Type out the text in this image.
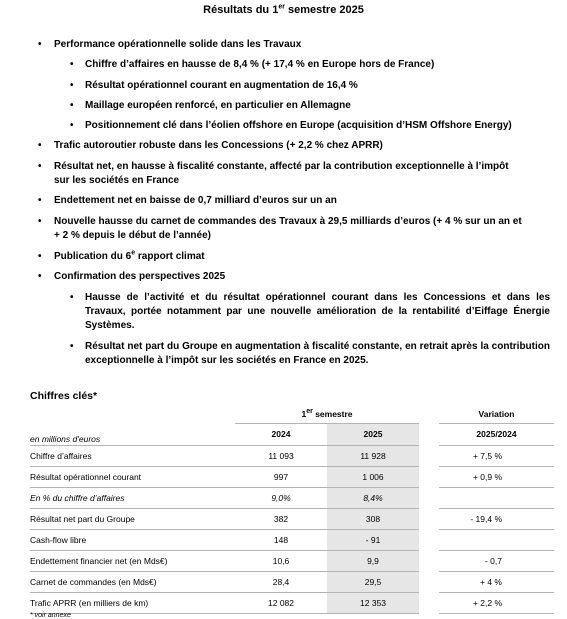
Résultats du 1er semestre 2025
• Performance opérationnelle solide dans les Travaux
• Chiffre d’affaires en hausse de 8,4 % (+ 17,4 % en Europe hors de France)
• Résultat opérationnel courant en augmentation de 16,4 %
• Maillage européen renforcé, en particulier en Allemagne
• Positionnement clé dans l’éolien offshore en Europe (acquisition d’HSM Offshore Energy)
• Trafic autoroutier robuste dans les Concessions (+ 2,2 % chez APRR)
• Résultat net, en hausse à fiscalité constante, affecté par la contribution exceptionnelle à l’impôt
sur les sociétés en France
• Endettement net en baisse de 0,7 milliard d’euros sur un an
• Nouvelle hausse du carnet de commandes des Travaux à 29,5 milliards d’euros (+ 4 % sur un an et
+ 2 % depuis le début de l’année)
• Publication du 6e rapport climat
• Confirmation des perspectives 2025
• Hausse de l’activité et du résultat opérationnel courant dans les Concessions et dans les Travaux, portée notamment par une nouvelle amélioration de la rentabilité d’Eiffage Énergie Systèmes.
• Résultat net part du Groupe en augmentation à fiscalité constante, en retrait après la contribution exceptionnelle à l’impôt sur les sociétés en France en 2025.
Chiffres clés*
	1er semestre			Variation
en millions d'euros	2024	2025		2025/2024
Chiffre d’affaires	11 093	11 928		+ 7,5 %
Résultat opérationnel courant	997	1 006		+ 0,9 %
En % du chiffre d’affaires	9,0%	8,4%		
Résultat net part du Groupe	382	308		- 19,4 %
Cash-flow libre	148	- 91		
Endettement financier net (en Mds€)	10,6	9,9		- 0,7
Carnet de commandes (en Mds€)	28,4	29,5		+ 4 %
Trafic APRR (en milliers de km)	12 082	12 353		+ 2,2 %
* voir annexe
